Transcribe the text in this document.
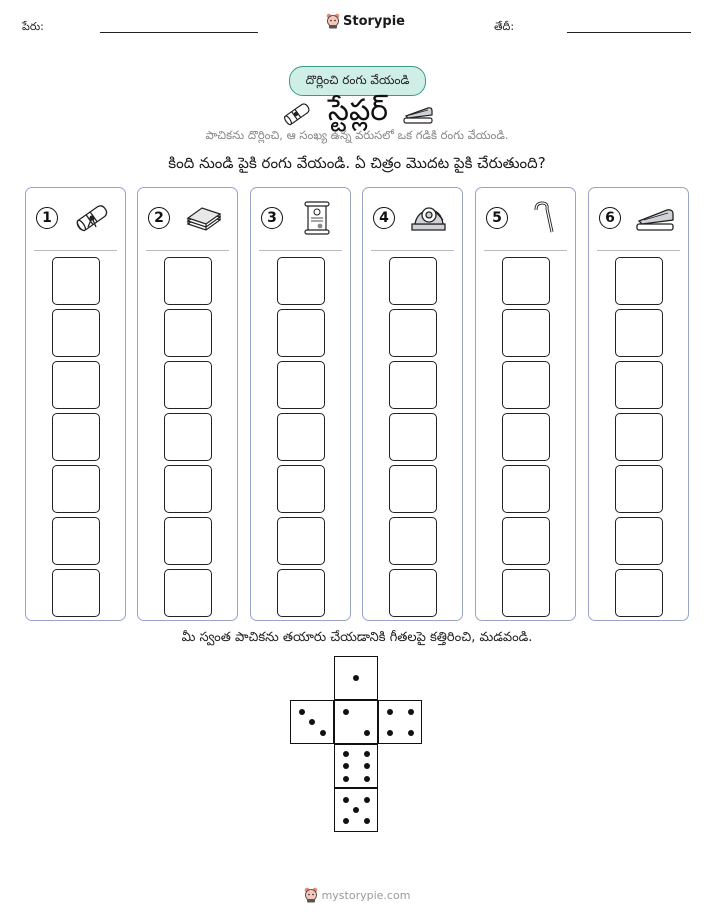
పేరు:	Storypie	తేదీ:
దొర్లించి రంగు వేయండి
స్టేప్లర్
పాచికను దొర్లించి, ఆ సంఖ్య ఉన్న వరుసలో ఒక గడికి రంగు వేయండి.
కింది నుండి పైకి రంగు వేయండి. ఏ చిత్రం మొదట పైకి చేరుతుంది?
1	2	3	4	5	6
మీ స్వంత పాచికను తయారు చేయడానికి గీతలపై కత్తిరించి, మడవండి.
mystorypie.com
